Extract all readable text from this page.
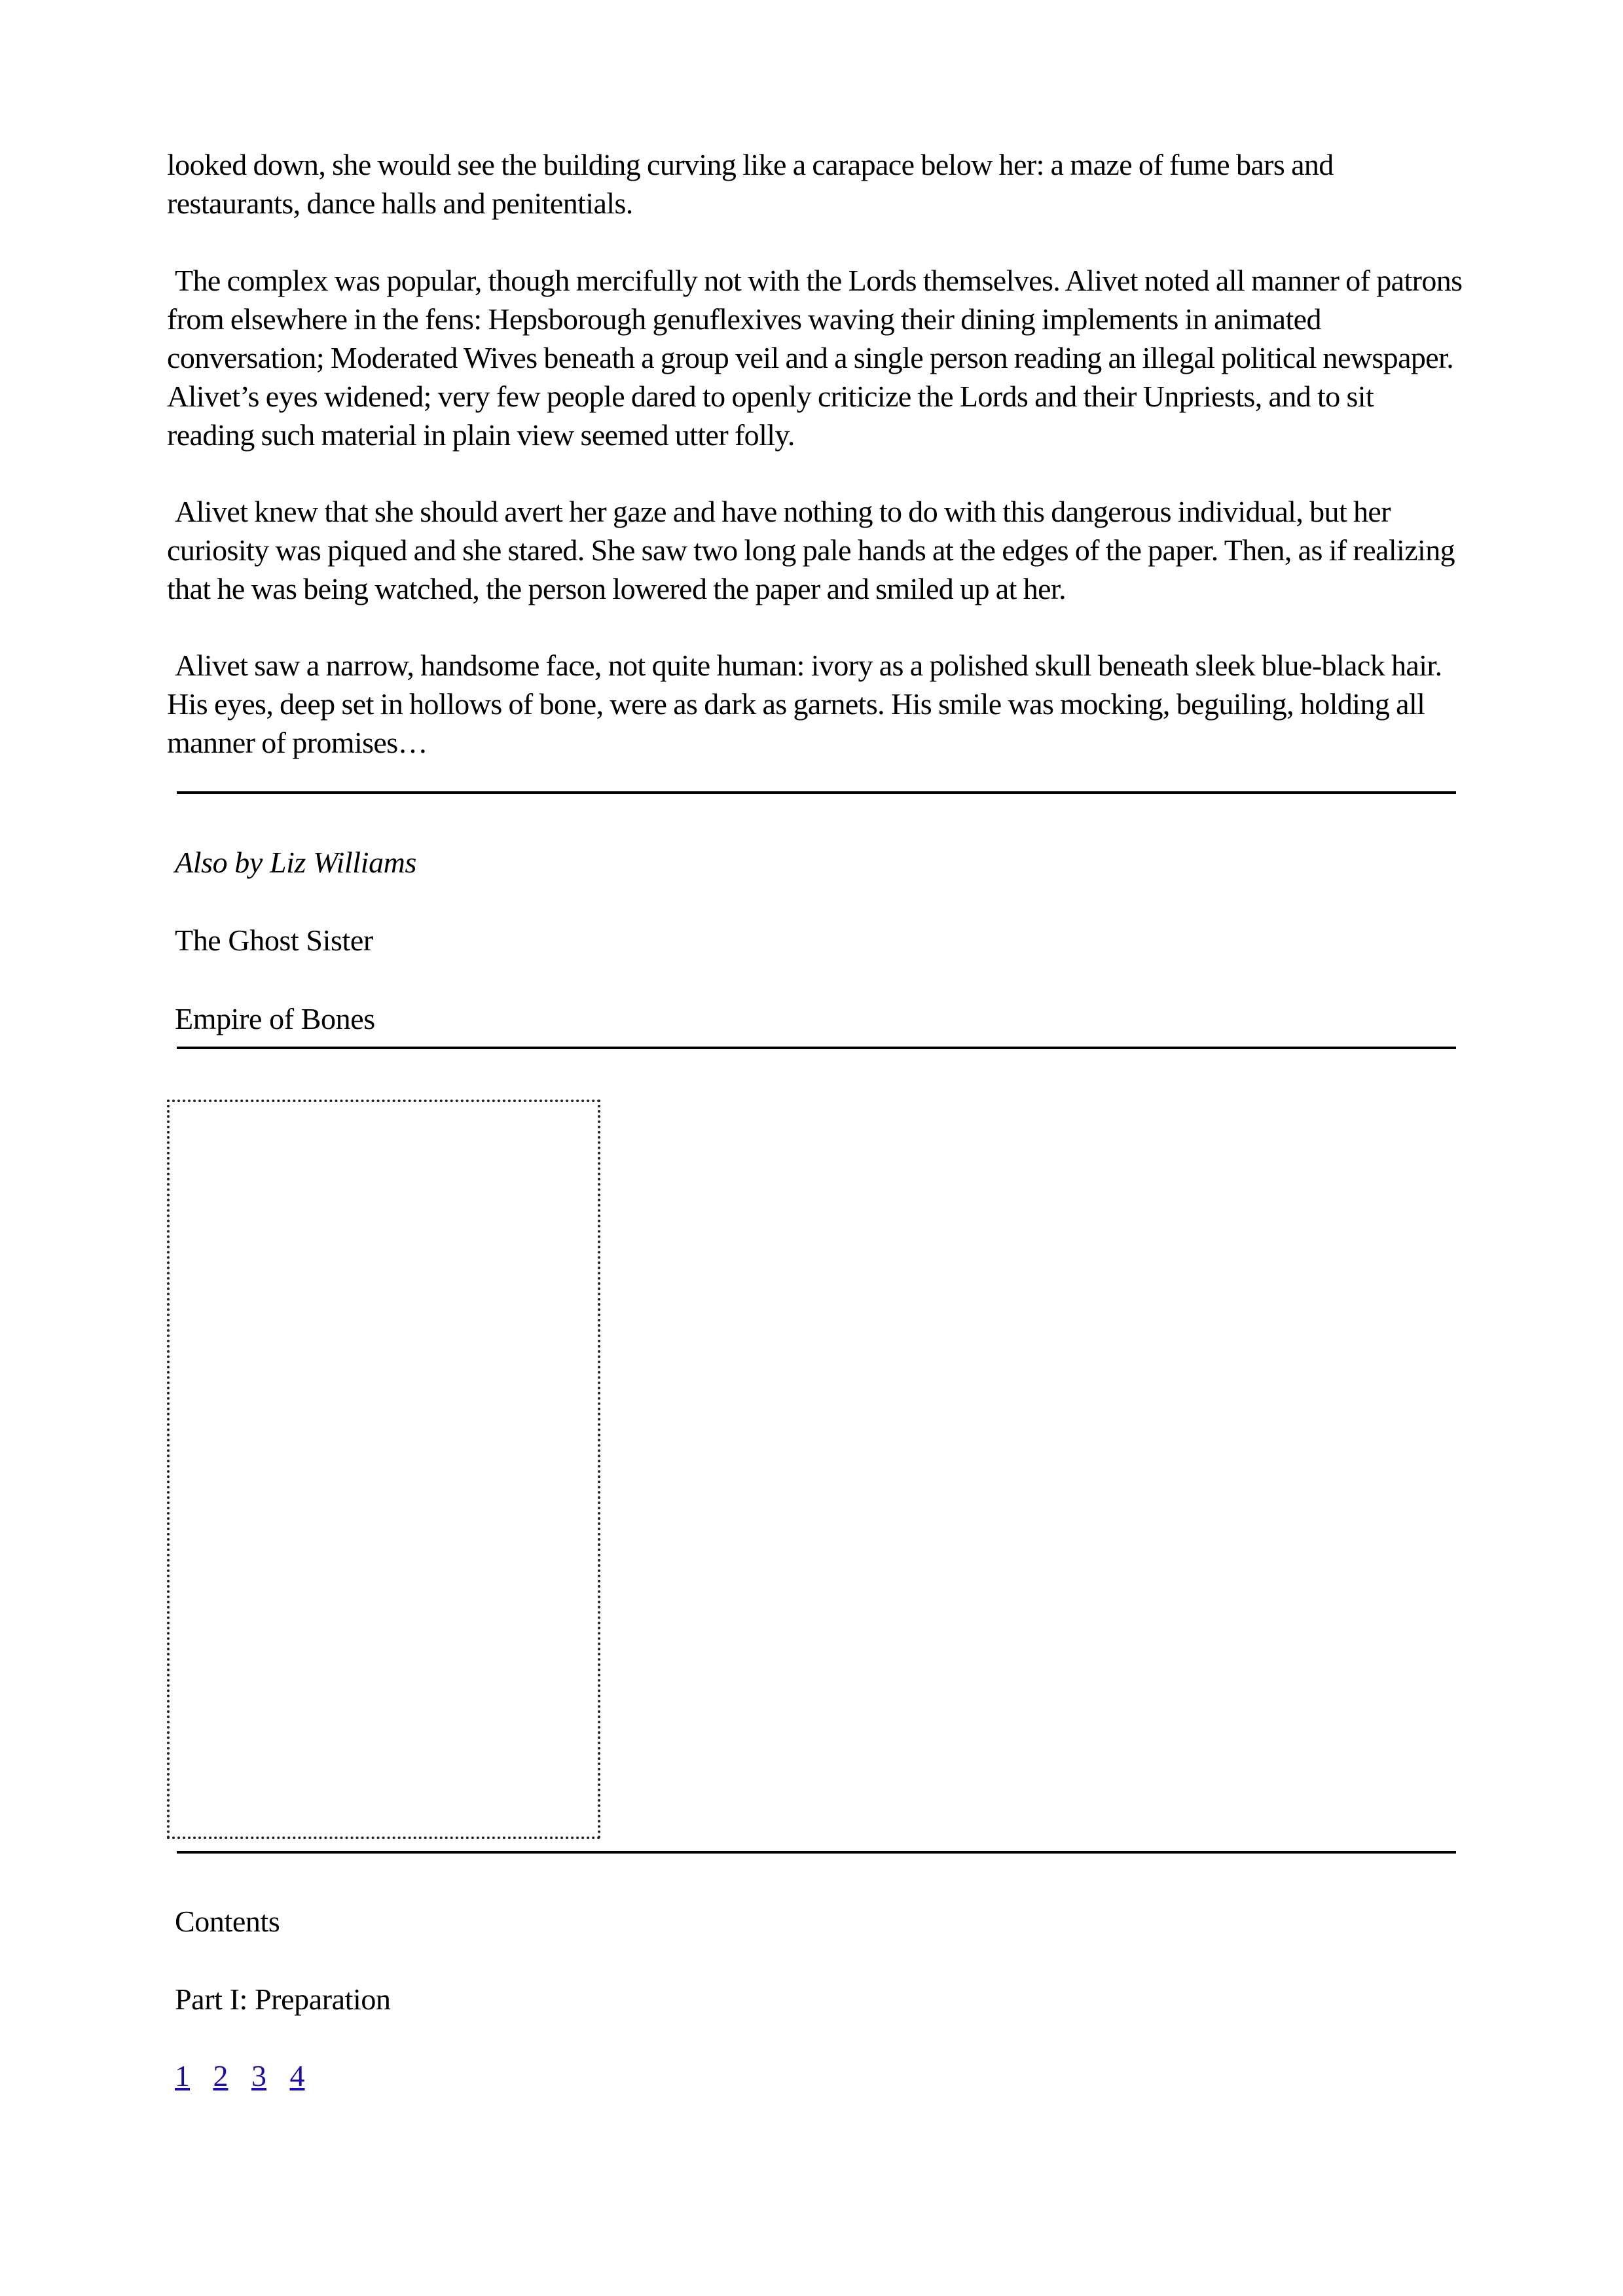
looked down, she would see the building curving like a carapace below her: a maze of fume bars and restaurants, dance halls and penitentials.

The complex was popular, though mercifully not with the Lords themselves. Alivet noted all manner of patrons from elsewhere in the fens: Hepsborough genuflexives waving their dining implements in animated conversation; Moderated Wives beneath a group veil and a single person reading an illegal political newspaper. Alivet’s eyes widened; very few people dared to openly criticize the Lords and their Unpriests, and to sit reading such material in plain view seemed utter folly.

Alivet knew that she should avert her gaze and have nothing to do with this dangerous individual, but her curiosity was piqued and she stared. She saw two long pale hands at the edges of the paper. Then, as if realizing that he was being watched, the person lowered the paper and smiled up at her.

Alivet saw a narrow, handsome face, not quite human: ivory as a polished skull beneath sleek blue-black hair. His eyes, deep set in hollows of bone, were as dark as garnets. His smile was mocking, beguiling, holding all manner of promises…

Also by Liz Williams

The Ghost Sister

Empire of Bones

Contents

Part I: Preparation

1 2 3 4
